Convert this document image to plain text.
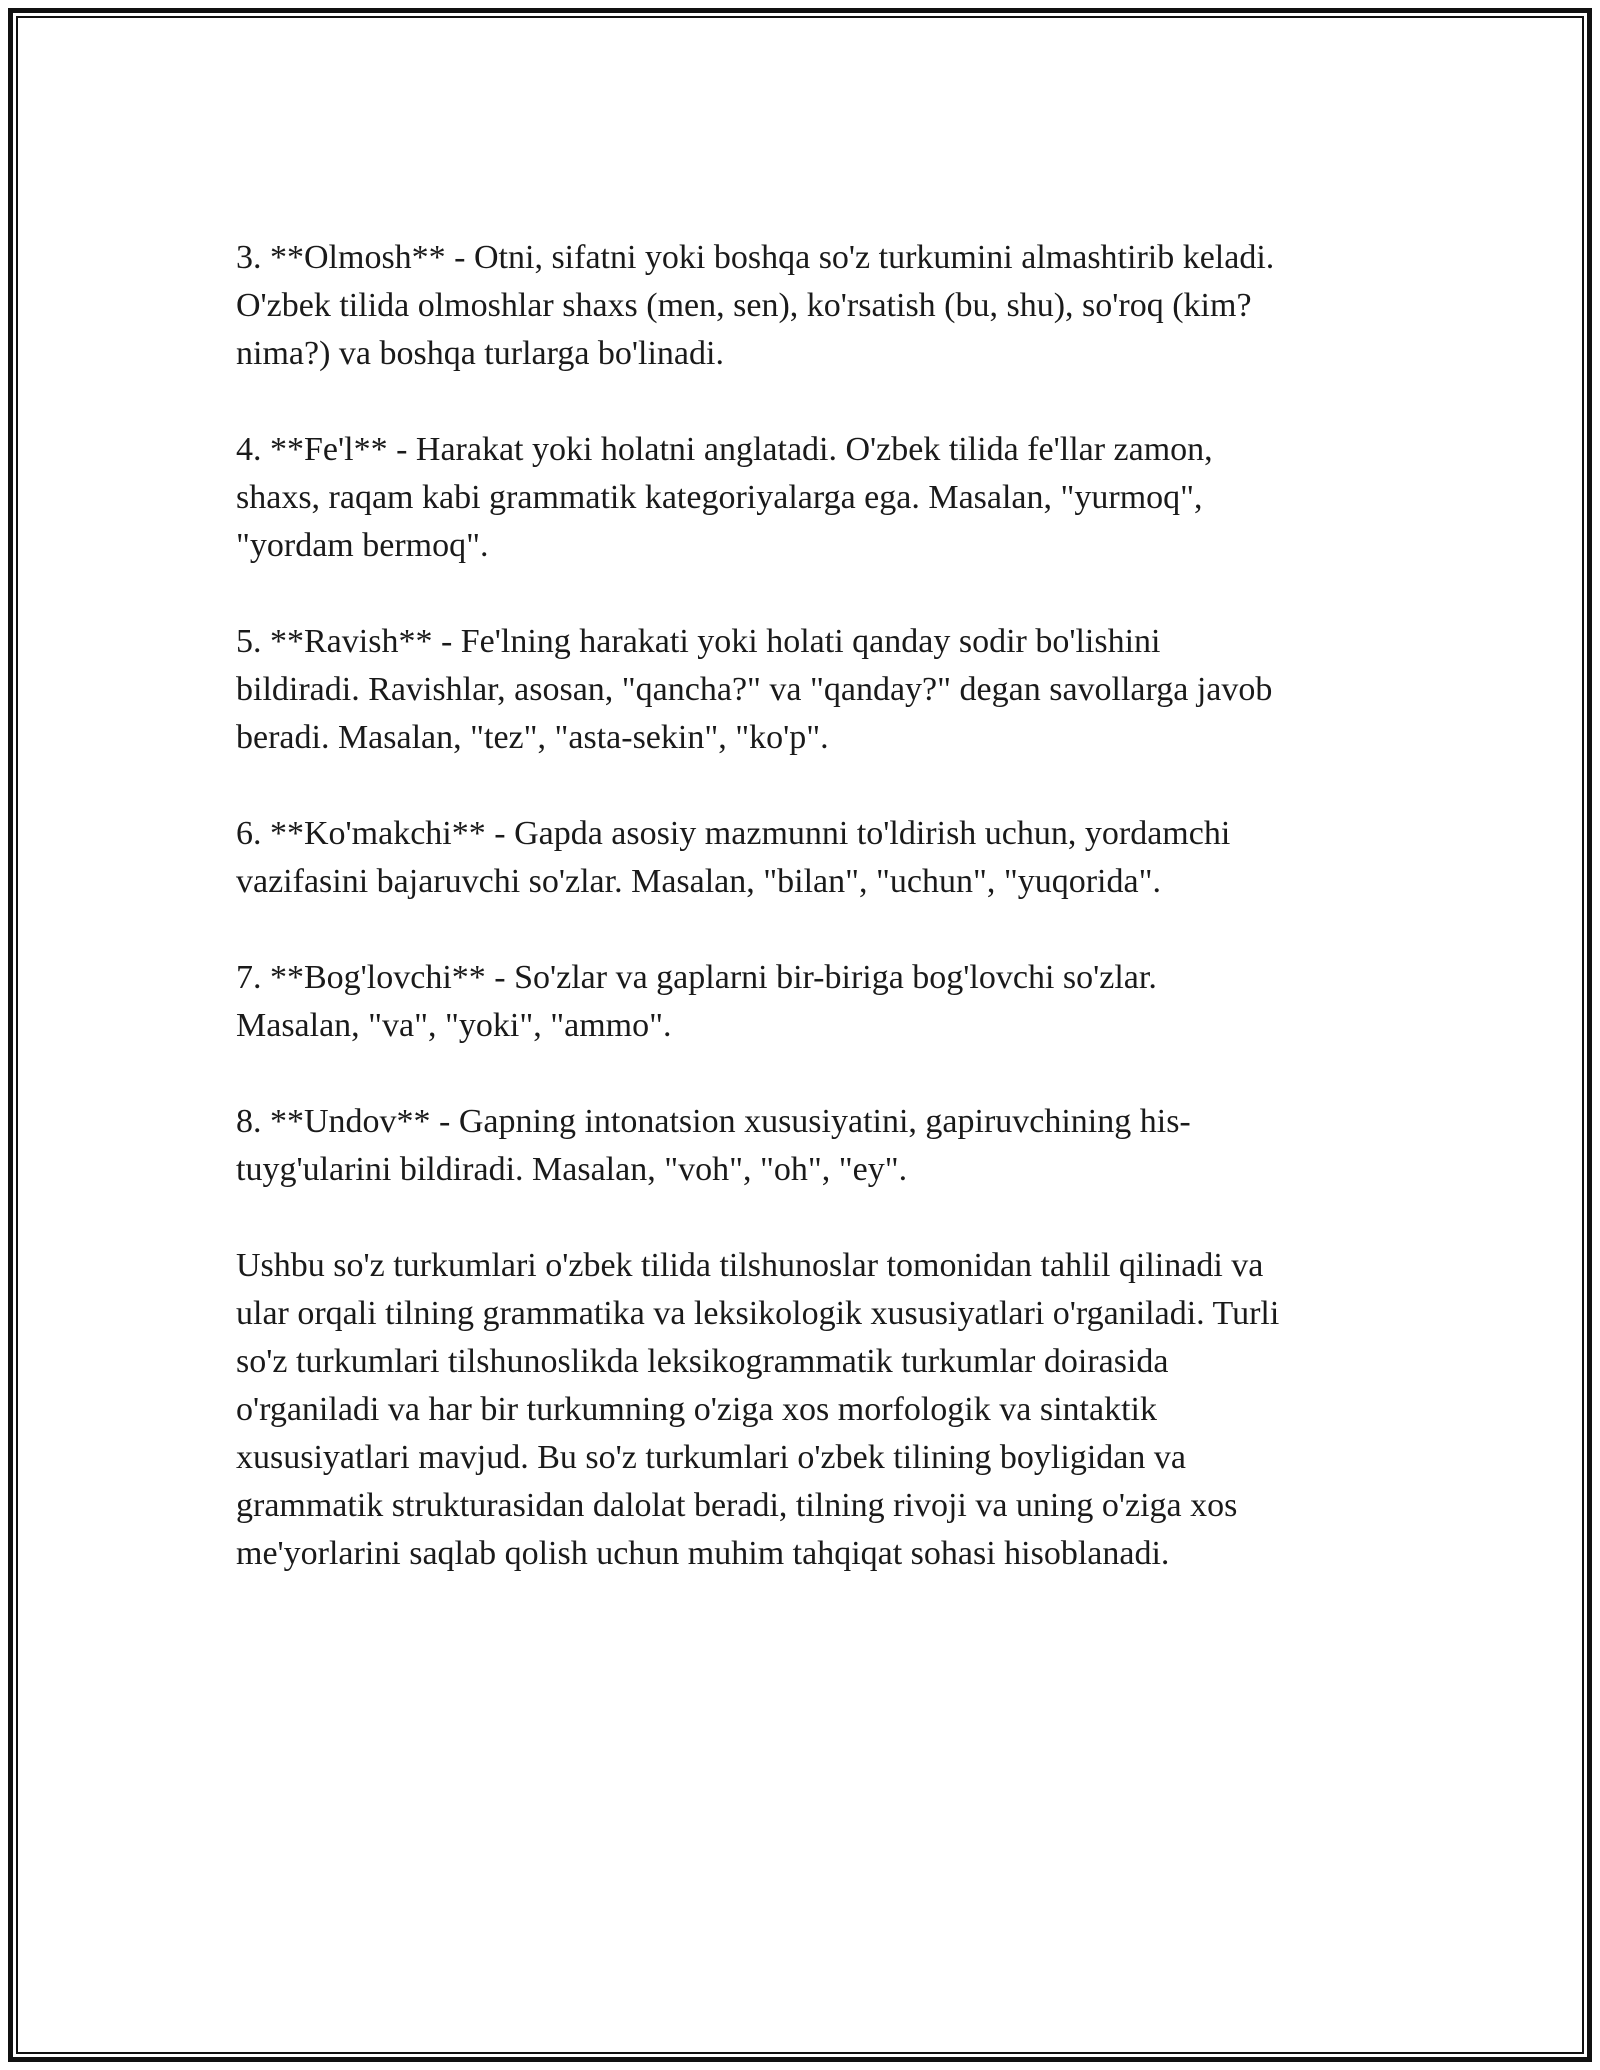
3. **Olmosh** - Otni, sifatni yoki boshqa so'z turkumini almashtirib keladi.
O'zbek tilida olmoshlar shaxs (men, sen), ko'rsatish (bu, shu), so'roq (kim?
nima?) va boshqa turlarga bo'linadi.

4. **Fe'l** - Harakat yoki holatni anglatadi. O'zbek tilida fe'llar zamon,
shaxs, raqam kabi grammatik kategoriyalarga ega. Masalan, "yurmoq",
"yordam bermoq".

5. **Ravish** - Fe'lning harakati yoki holati qanday sodir bo'lishini
bildiradi. Ravishlar, asosan, "qancha?" va "qanday?" degan savollarga javob
beradi. Masalan, "tez", "asta-sekin", "ko'p".

6. **Ko'makchi** - Gapda asosiy mazmunni to'ldirish uchun, yordamchi
vazifasini bajaruvchi so'zlar. Masalan, "bilan", "uchun", "yuqorida".

7. **Bog'lovchi** - So'zlar va gaplarni bir-biriga bog'lovchi so'zlar.
Masalan, "va", "yoki", "ammo".

8. **Undov** - Gapning intonatsion xususiyatini, gapiruvchining his-
tuyg'ularini bildiradi. Masalan, "voh", "oh", "ey".

Ushbu so'z turkumlari o'zbek tilida tilshunoslar tomonidan tahlil qilinadi va
ular orqali tilning grammatika va leksikologik xususiyatlari o'rganiladi. Turli
so'z turkumlari tilshunoslikda leksikogrammatik turkumlar doirasida
o'rganiladi va har bir turkumning o'ziga xos morfologik va sintaktik
xususiyatlari mavjud. Bu so'z turkumlari o'zbek tilining boyligidan va
grammatik strukturasidan dalolat beradi, tilning rivoji va uning o'ziga xos
me'yorlarini saqlab qolish uchun muhim tahqiqat sohasi hisoblanadi.
